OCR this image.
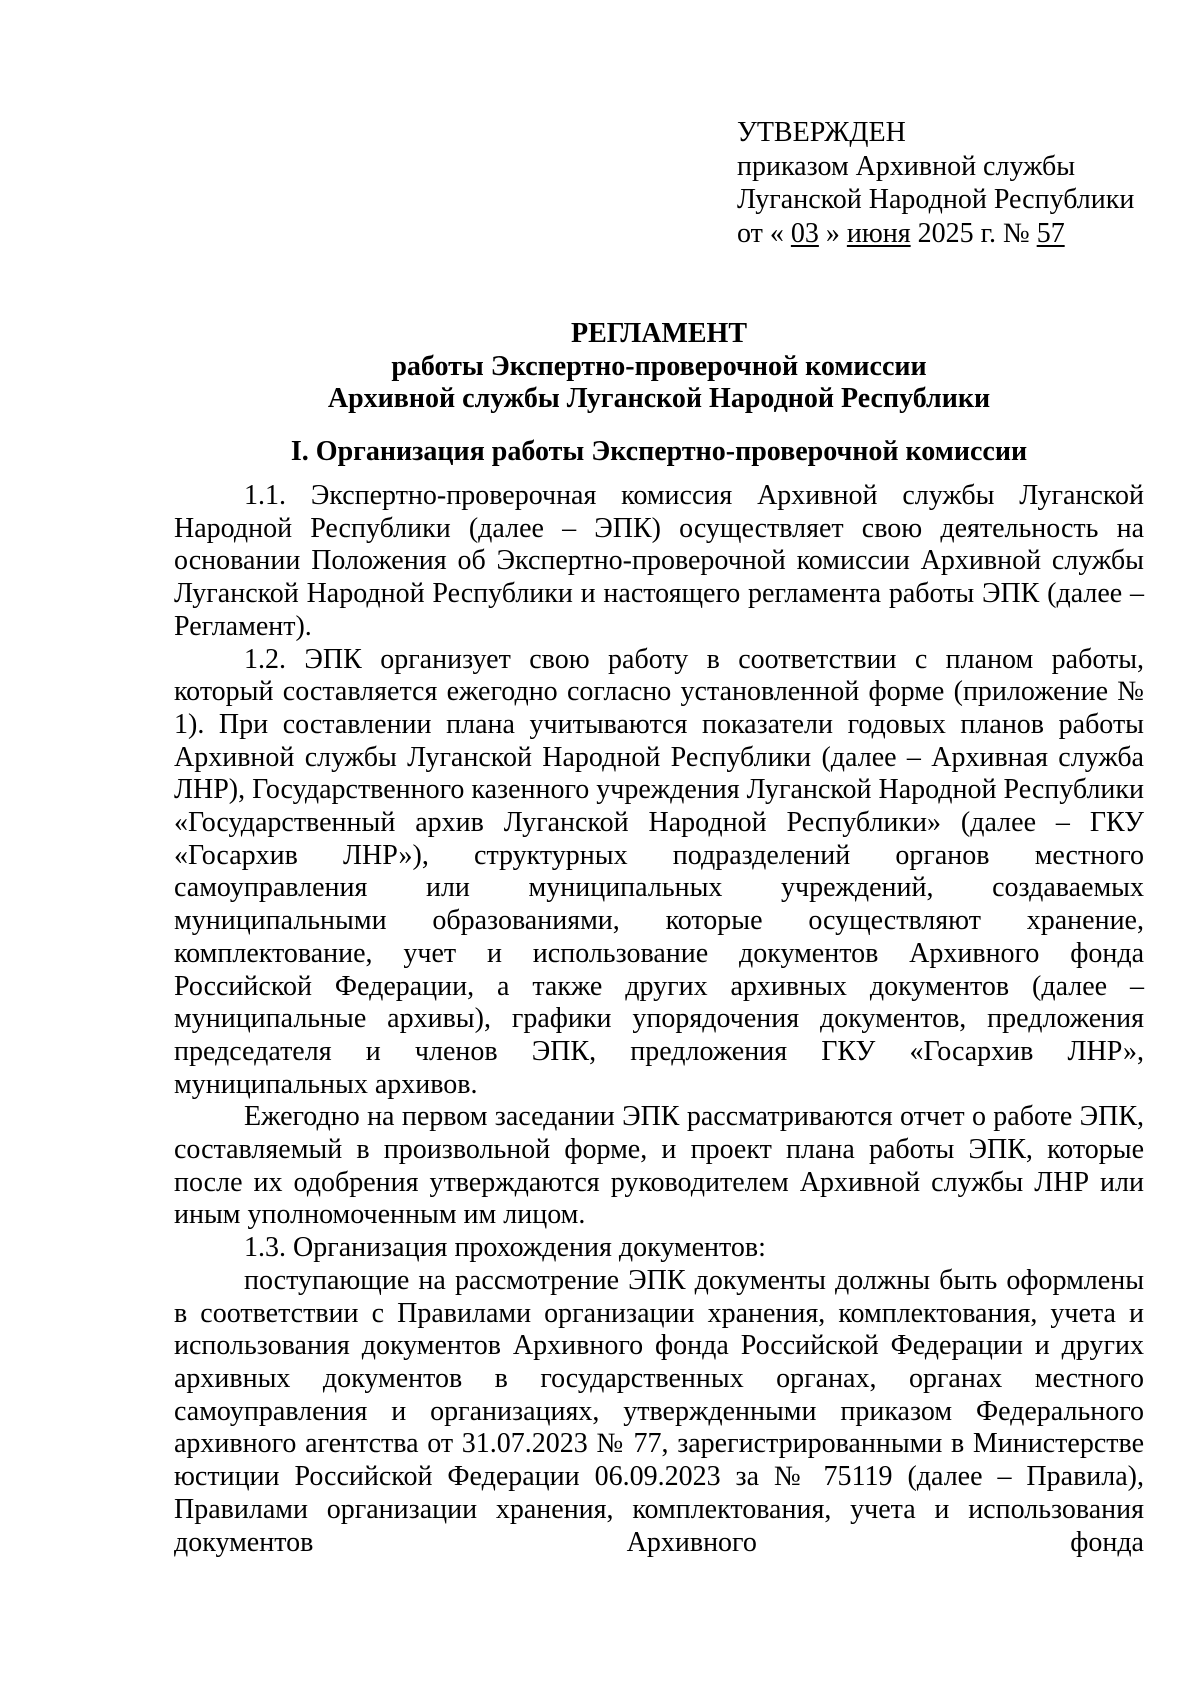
УТВЕРЖДЕН
приказом Архивной службы
Луганской Народной Республики
от « 03 » июня 2025 г. № 57
РЕГЛАМЕНТ
работы Экспертно-проверочной комиссии
Архивной службы Луганской Народной Республики
I. Организация работы Экспертно-проверочной комиссии

1.1. Экспертно-проверочная комиссия Архивной службы Луганской Народной Республики (далее – ЭПК) осуществляет свою деятельность на основании Положения об Экспертно-проверочной комиссии Архивной службы Луганской Народной Республики и настоящего регламента работы ЭПК (далее – Регламент).

1.2. ЭПК организует свою работу в соответствии с планом работы, который составляется ежегодно согласно установленной форме (приложение № 1). При составлении плана учитываются показатели годовых планов работы Архивной службы Луганской Народной Республики (далее – Архивная служба ЛНР), Государственного казенного учреждения Луганской Народной Республики «Государственный архив Луганской Народной Республики» (далее – ГКУ «Госархив ЛНР»), структурных подразделений органов местного самоуправления или муниципальных учреждений, создаваемых муниципальными образованиями, которые осуществляют хранение, комплектование, учет и использование документов Архивного фонда Российской Федерации, а также других архивных документов (далее – муниципальные архивы), графики упорядочения документов, предложения председателя и членов ЭПК, предложения ГКУ «Госархив ЛНР», муниципальных архивов.

Ежегодно на первом заседании ЭПК рассматриваются отчет о работе ЭПК, составляемый в произвольной форме, и проект плана работы ЭПК, которые после их одобрения утверждаются руководителем Архивной службы ЛНР или иным уполномоченным им лицом.

1.3. Организация прохождения документов:

поступающие на рассмотрение ЭПК документы должны быть оформлены в соответствии с Правилами организации хранения, комплектования, учета и использования документов Архивного фонда Российской Федерации и других архивных документов в государственных органах, органах местного самоуправления и организациях, утвержденными приказом Федерального архивного агентства от 31.07.2023 № 77, зарегистрированными в Министерстве юстиции Российской Федерации 06.09.2023 за № 75119 (далее – Правила), Правилами организации хранения, комплектования, учета и использования документов Архивного фонда
